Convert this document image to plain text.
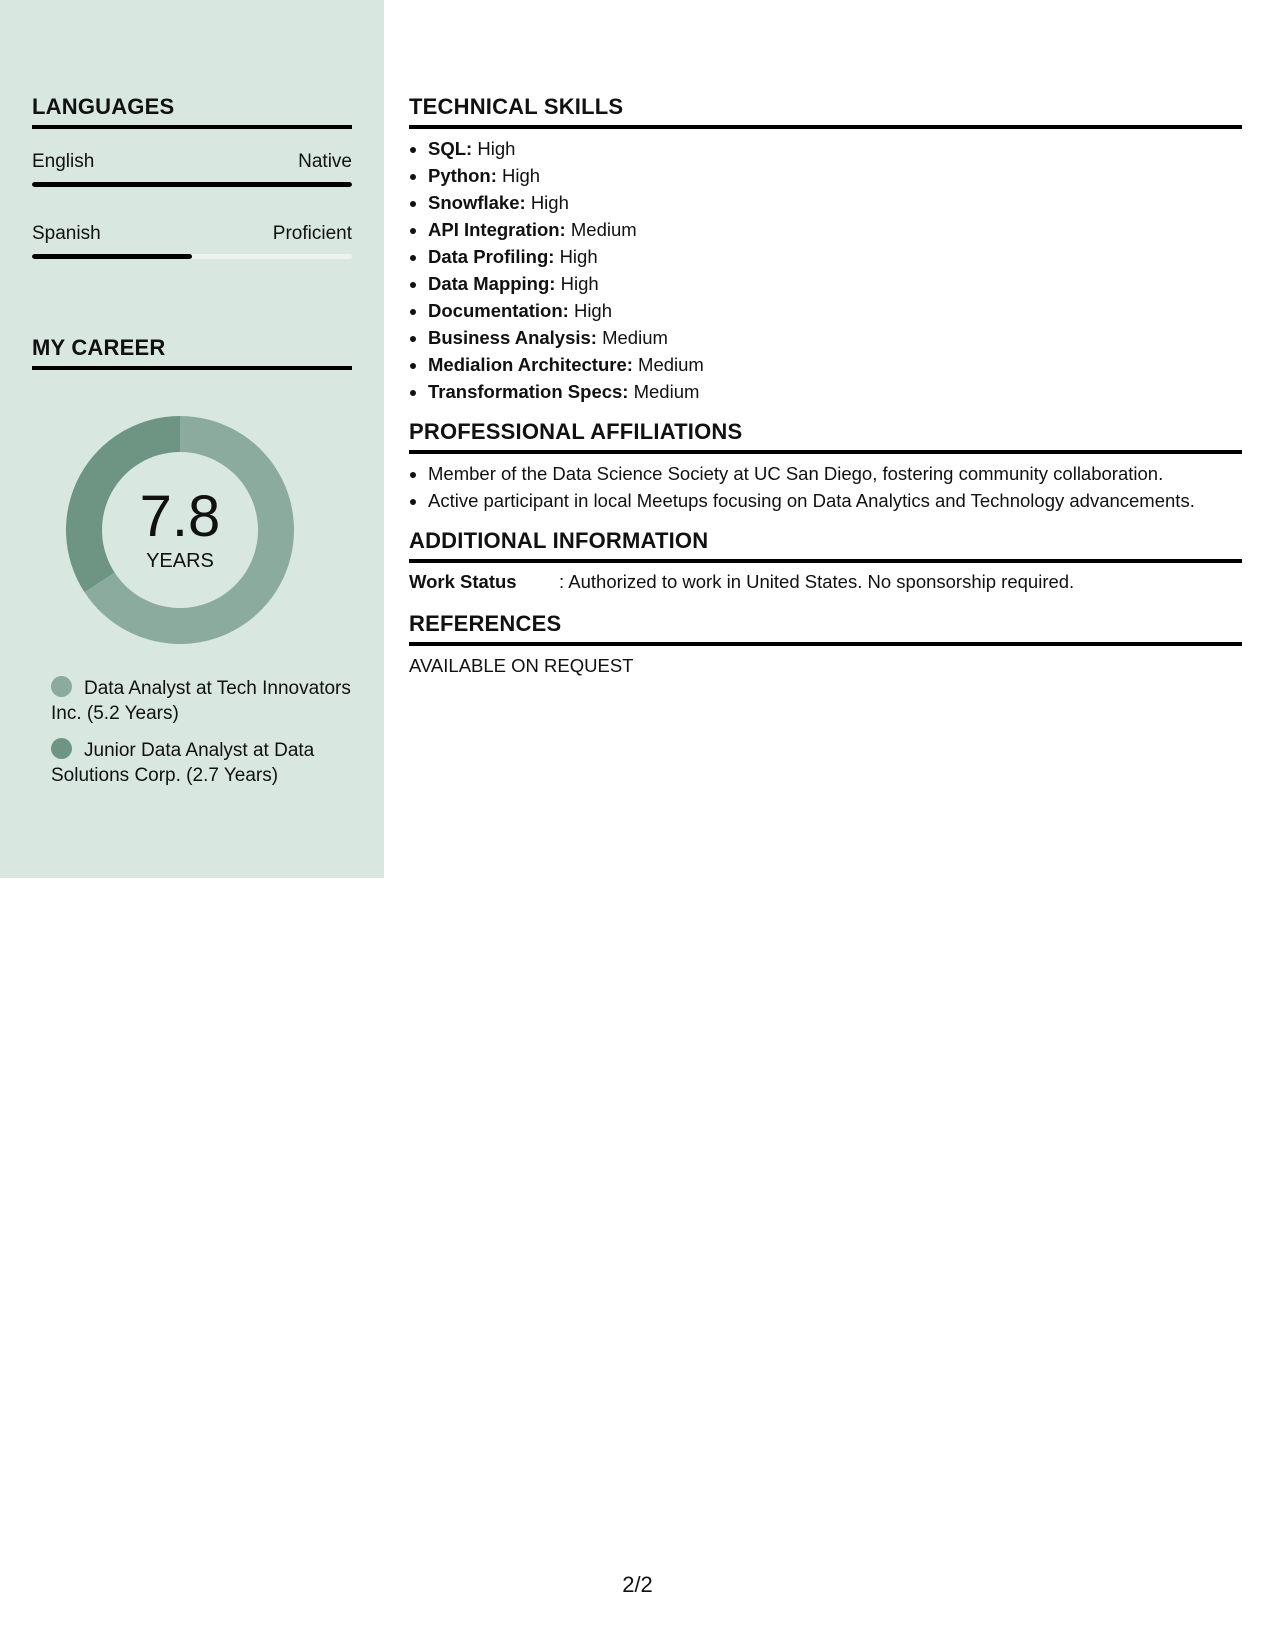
LANGUAGES
English	Native
Spanish	Proficient
MY CAREER
7.8
YEARS
Data Analyst at Tech Innovators Inc. (5.2 Years)
Junior Data Analyst at Data Solutions Corp. (2.7 Years)
TECHNICAL SKILLS
• SQL: High
• Python: High
• Snowflake: High
• API Integration: Medium
• Data Profiling: High
• Data Mapping: High
• Documentation: High
• Business Analysis: Medium
• Medialion Architecture: Medium
• Transformation Specs: Medium
PROFESSIONAL AFFILIATIONS
• Member of the Data Science Society at UC San Diego, fostering community collaboration.
• Active participant in local Meetups focusing on Data Analytics and Technology advancements.
ADDITIONAL INFORMATION
Work Status	: Authorized to work in United States. No sponsorship required.
REFERENCES
AVAILABLE ON REQUEST
2/2
